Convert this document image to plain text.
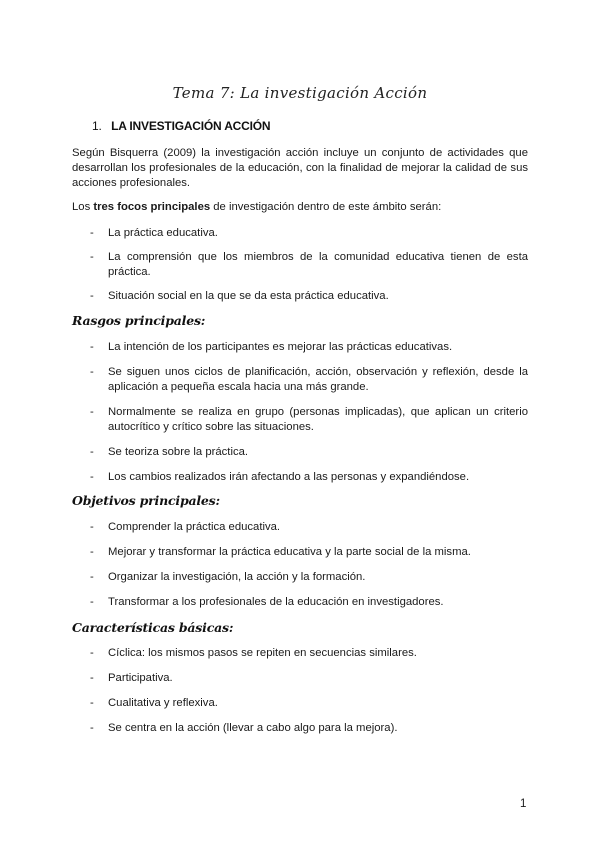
Tema 7: La investigación Acción
1. LA INVESTIGACIÓN ACCIÓN
Según Bisquerra (2009) la investigación acción incluye un conjunto de actividades que desarrollan los profesionales de la educación, con la finalidad de mejorar la calidad de sus acciones profesionales.
Los tres focos principales de investigación dentro de este ámbito serán:
- La práctica educativa.
- La comprensión que los miembros de la comunidad educativa tienen de esta práctica.
- Situación social en la que se da esta práctica educativa.
Rasgos principales:
- La intención de los participantes es mejorar las prácticas educativas.
- Se siguen unos ciclos de planificación, acción, observación y reflexión, desde la aplicación a pequeña escala hacia una más grande.
- Normalmente se realiza en grupo (personas implicadas), que aplican un criterio autocrítico y crítico sobre las situaciones.
- Se teoriza sobre la práctica.
- Los cambios realizados irán afectando a las personas y expandiéndose.
Objetivos principales:
- Comprender la práctica educativa.
- Mejorar y transformar la práctica educativa y la parte social de la misma.
- Organizar la investigación, la acción y la formación.
- Transformar a los profesionales de la educación en investigadores.
Características básicas:
- Cíclica: los mismos pasos se repiten en secuencias similares.
- Participativa.
- Cualitativa y reflexiva.
- Se centra en la acción (llevar a cabo algo para la mejora).
1
